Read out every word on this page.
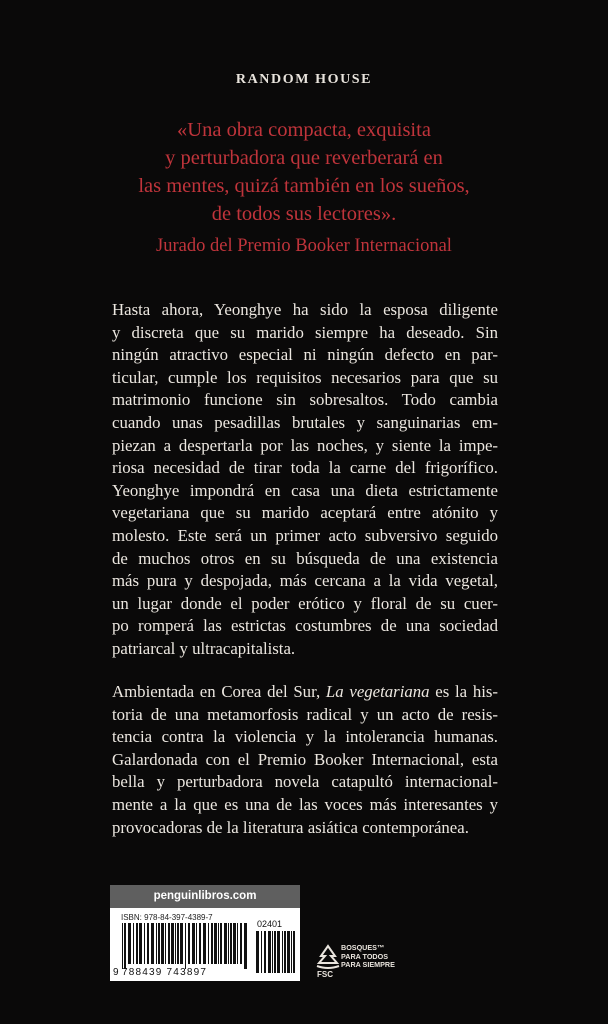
RANDOM HOUSE
«Una obra compacta, exquisita
y perturbadora que reverberará en
las mentes, quizá también en los sueños,
de todos sus lectores».
Jurado del Premio Booker Internacional
Hasta ahora, Yeonghye ha sido la esposa diligente
y discreta que su marido siempre ha deseado. Sin
ningún atractivo especial ni ningún defecto en par-
ticular, cumple los requisitos necesarios para que su
matrimonio funcione sin sobresaltos. Todo cambia
cuando unas pesadillas brutales y sanguinarias em-
piezan a despertarla por las noches, y siente la impe-
riosa necesidad de tirar toda la carne del frigorífico.
Yeonghye impondrá en casa una dieta estrictamente
vegetariana que su marido aceptará entre atónito y
molesto. Este será un primer acto subversivo seguido
de muchos otros en su búsqueda de una existencia
más pura y despojada, más cercana a la vida vegetal,
un lugar donde el poder erótico y floral de su cuer-
po romperá las estrictas costumbres de una sociedad
patriarcal y ultracapitalista.
Ambientada en Corea del Sur, La vegetariana es la his-
toria de una metamorfosis radical y un acto de resis-
tencia contra la violencia y la intolerancia humanas.
Galardonada con el Premio Booker Internacional, esta
bella y perturbadora novela catapultó internacional-
mente a la que es una de las voces más interesantes y
provocadoras de la literatura asiática contemporánea.
penguinlibros.com
ISBN: 978-84-397-4389-7
02401
9 788439 743897	FSC
BOSQUES™
PARA TODOS
PARA SIEMPRE
